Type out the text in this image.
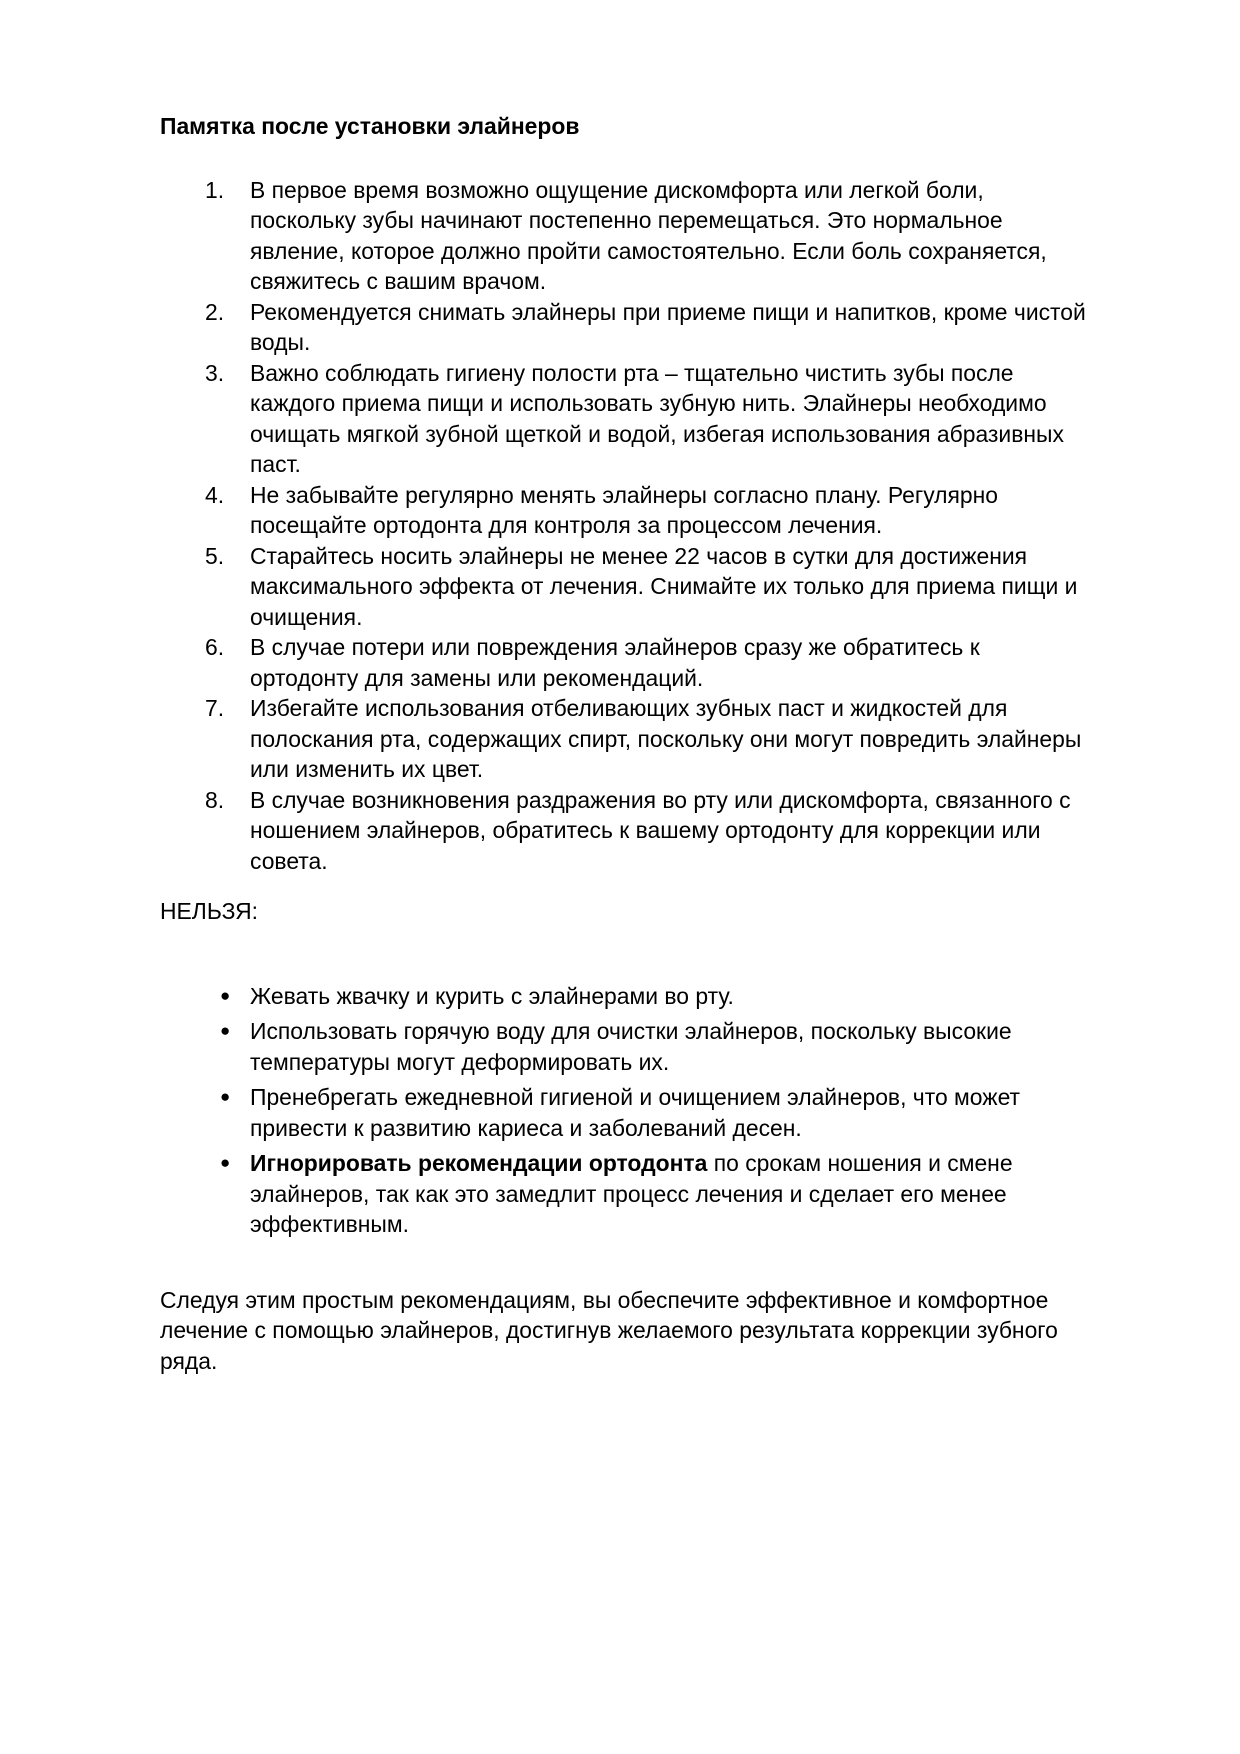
Памятка после установки элайнеров

1.	В первое время возможно ощущение дискомфорта или легкой боли, поскольку зубы начинают постепенно перемещаться. Это нормальное явление, которое должно пройти самостоятельно. Если боль сохраняется, свяжитесь с вашим врачом.
2.	Рекомендуется снимать элайнеры при приеме пищи и напитков, кроме чистой воды.
3.	Важно соблюдать гигиену полости рта – тщательно чистить зубы после каждого приема пищи и использовать зубную нить. Элайнеры необходимо очищать мягкой зубной щеткой и водой, избегая использования абразивных паст.
4.	Не забывайте регулярно менять элайнеры согласно плану. Регулярно посещайте ортодонта для контроля за процессом лечения.
5.	Старайтесь носить элайнеры не менее 22 часов в сутки для достижения максимального эффекта от лечения. Снимайте их только для приема пищи и очищения.
6.	В случае потери или повреждения элайнеров сразу же обратитесь к ортодонту для замены или рекомендаций.
7.	Избегайте использования отбеливающих зубных паст и жидкостей для полоскания рта, содержащих спирт, поскольку они могут повредить элайнеры или изменить их цвет.
8.	В случае возникновения раздражения во рту или дискомфорта, связанного с ношением элайнеров, обратитесь к вашему ортодонту для коррекции или совета.

НЕЛЬЗЯ:

● Жевать жвачку и курить с элайнерами во рту.
● Использовать горячую воду для очистки элайнеров, поскольку высокие температуры могут деформировать их.
● Пренебрегать ежедневной гигиеной и очищением элайнеров, что может привести к развитию кариеса и заболеваний десен.
● Игнорировать рекомендации ортодонта по срокам ношения и смене элайнеров, так как это замедлит процесс лечения и сделает его менее эффективным.

Следуя этим простым рекомендациям, вы обеспечите эффективное и комфортное лечение с помощью элайнеров, достигнув желаемого результата коррекции зубного ряда.
